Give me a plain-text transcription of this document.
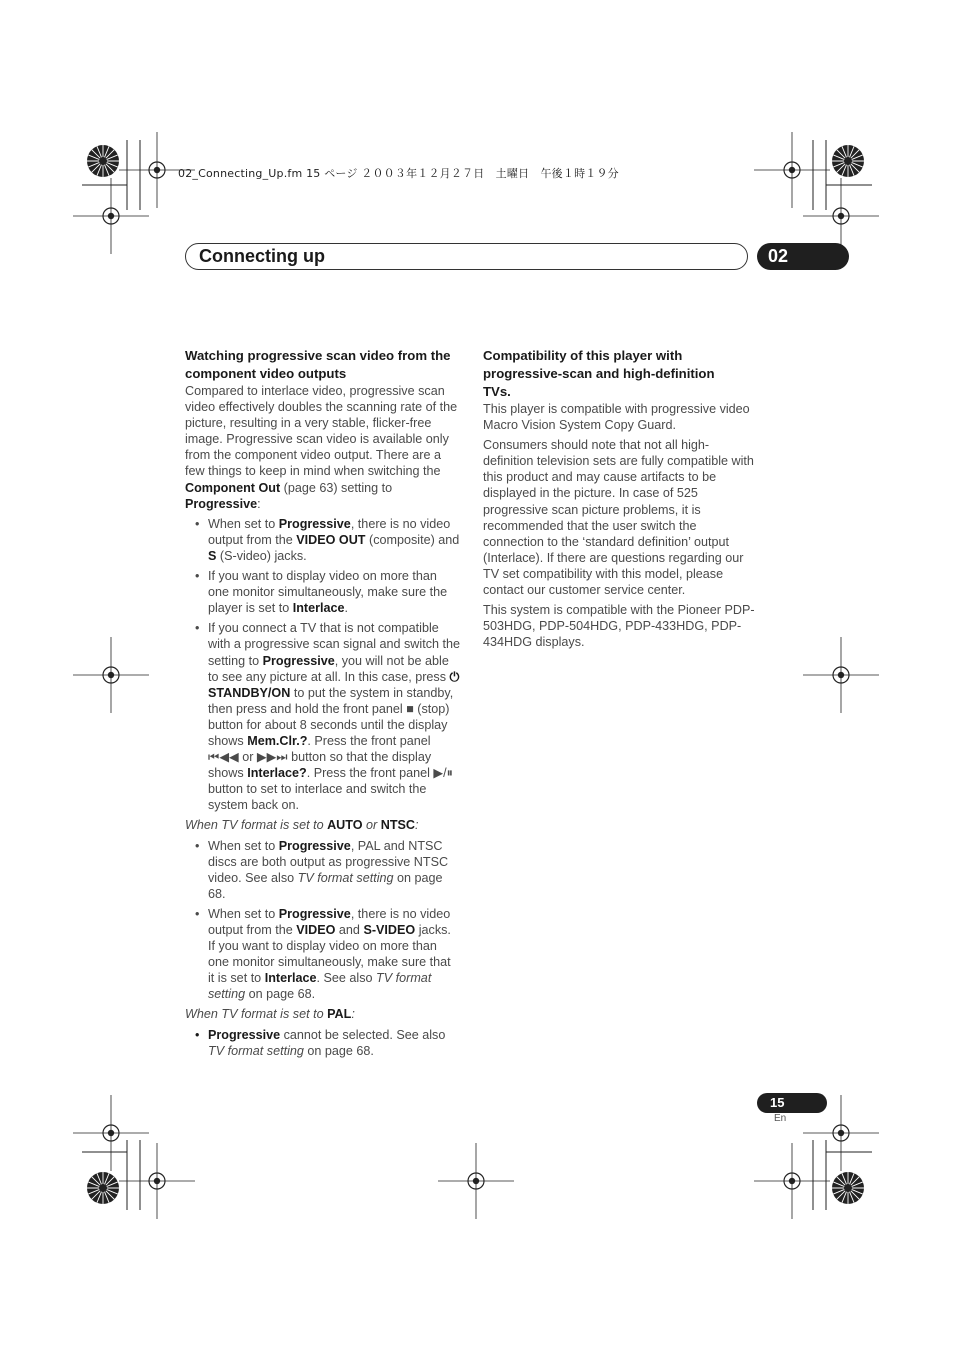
02_Connecting_Up.fm 15 ページ ２００３年１２月２７日　土曜日　午後１時１９分
Connecting up	02
Watching progressive scan video from the component video outputs

Compared to interlace video, progressive scan video effectively doubles the scanning rate of the picture, resulting in a very stable, flicker-free image. Progressive scan video is available only from the component video output. There are a few things to keep in mind when switching the Component Out (page 63) setting to Progressive:

• When set to Progressive, there is no video output from the VIDEO OUT (composite) and S (S-video) jacks.
• If you want to display video on more than one monitor simultaneously, make sure the player is set to Interlace.
• If you connect a TV that is not compatible with a progressive scan signal and switch the setting to Progressive, you will not be able to see any picture at all. In this case, press ⏻ STANDBY/ON to put the system in standby, then press and hold the front panel ■ (stop) button for about 8 seconds until the display shows Mem.Clr.?. Press the front panel ⏮◀◀ or ▶▶⏭ button so that the display shows Interlace?. Press the front panel ▶/⏸ button to set to interlace and switch the system back on.

When TV format is set to AUTO or NTSC:

• When set to Progressive, PAL and NTSC discs are both output as progressive NTSC video. See also TV format setting on page 68.
• When set to Progressive, there is no video output from the VIDEO and S-VIDEO jacks. If you want to display video on more than one monitor simultaneously, make sure that it is set to Interlace. See also TV format setting on page 68.

When TV format is set to PAL:

• Progressive cannot be selected. See also TV format setting on page 68.
Compatibility of this player with progressive-scan and high-definition TVs.

This player is compatible with progressive video Macro Vision System Copy Guard.

Consumers should note that not all high-definition television sets are fully compatible with this product and may cause artifacts to be displayed in the picture. In case of 525 progressive scan picture problems, it is recommended that the user switch the connection to the ‘standard definition’ output (Interlace). If there are questions regarding our TV set compatibility with this model, please contact our customer service center.

This system is compatible with the Pioneer PDP-503HDG, PDP-504HDG, PDP-433HDG, PDP-434HDG displays.

15
En
